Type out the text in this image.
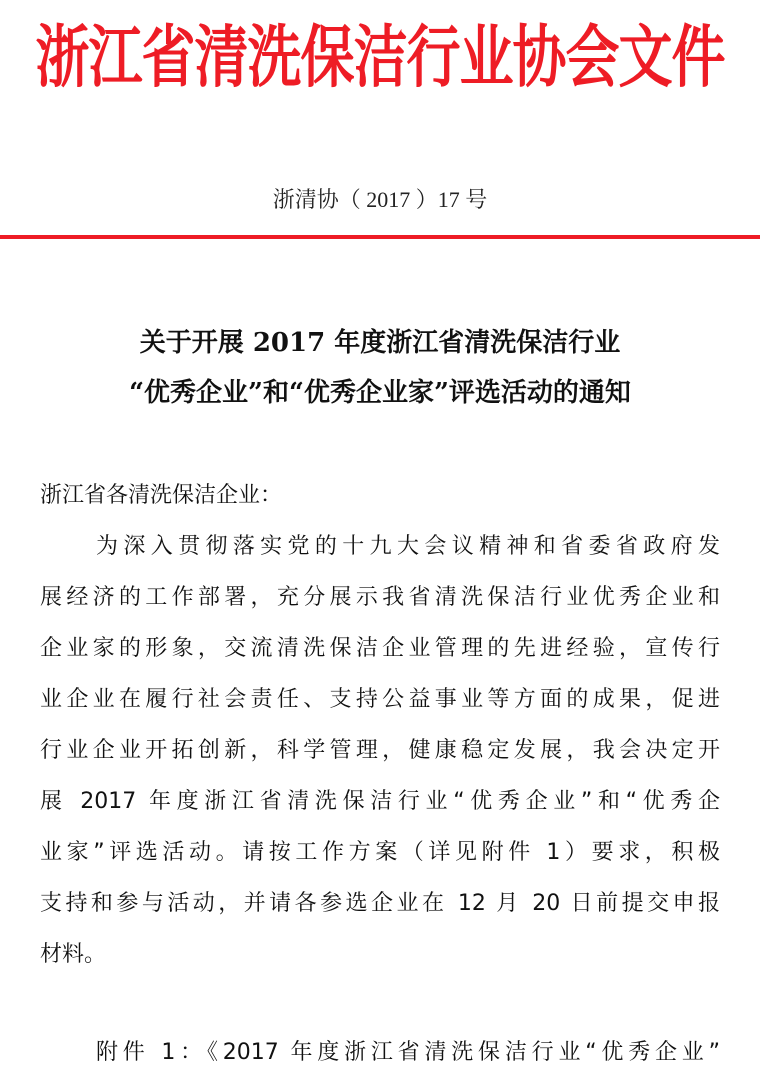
浙江省清洗保洁行业协会文件
浙清协（ 2017 ）17 号
关于开展 2017 年度浙江省清洗保洁行业
“优秀企业”和“优秀企业家”评选活动的通知
浙江省各清洗保洁企业：
为深入贯彻落实党的十九大会议精神和省委省政府发
展经济的工作部署，充分展示我省清洗保洁行业优秀企业和
企业家的形象，交流清洗保洁企业管理的先进经验，宣传行
业企业在履行社会责任、支持公益事业等方面的成果，促进
行业企业开拓创新，科学管理，健康稳定发展，我会决定开
展 2017 年度浙江省清洗保洁行业“优秀企业”和“优秀企
业家”评选活动。请按工作方案（详见附件 1）要求，积极
支持和参与活动，并请各参选企业在 12 月 20 日前提交申报
材料。
附件 1：《2017 年度浙江省清洗保洁行业“优秀企业”
